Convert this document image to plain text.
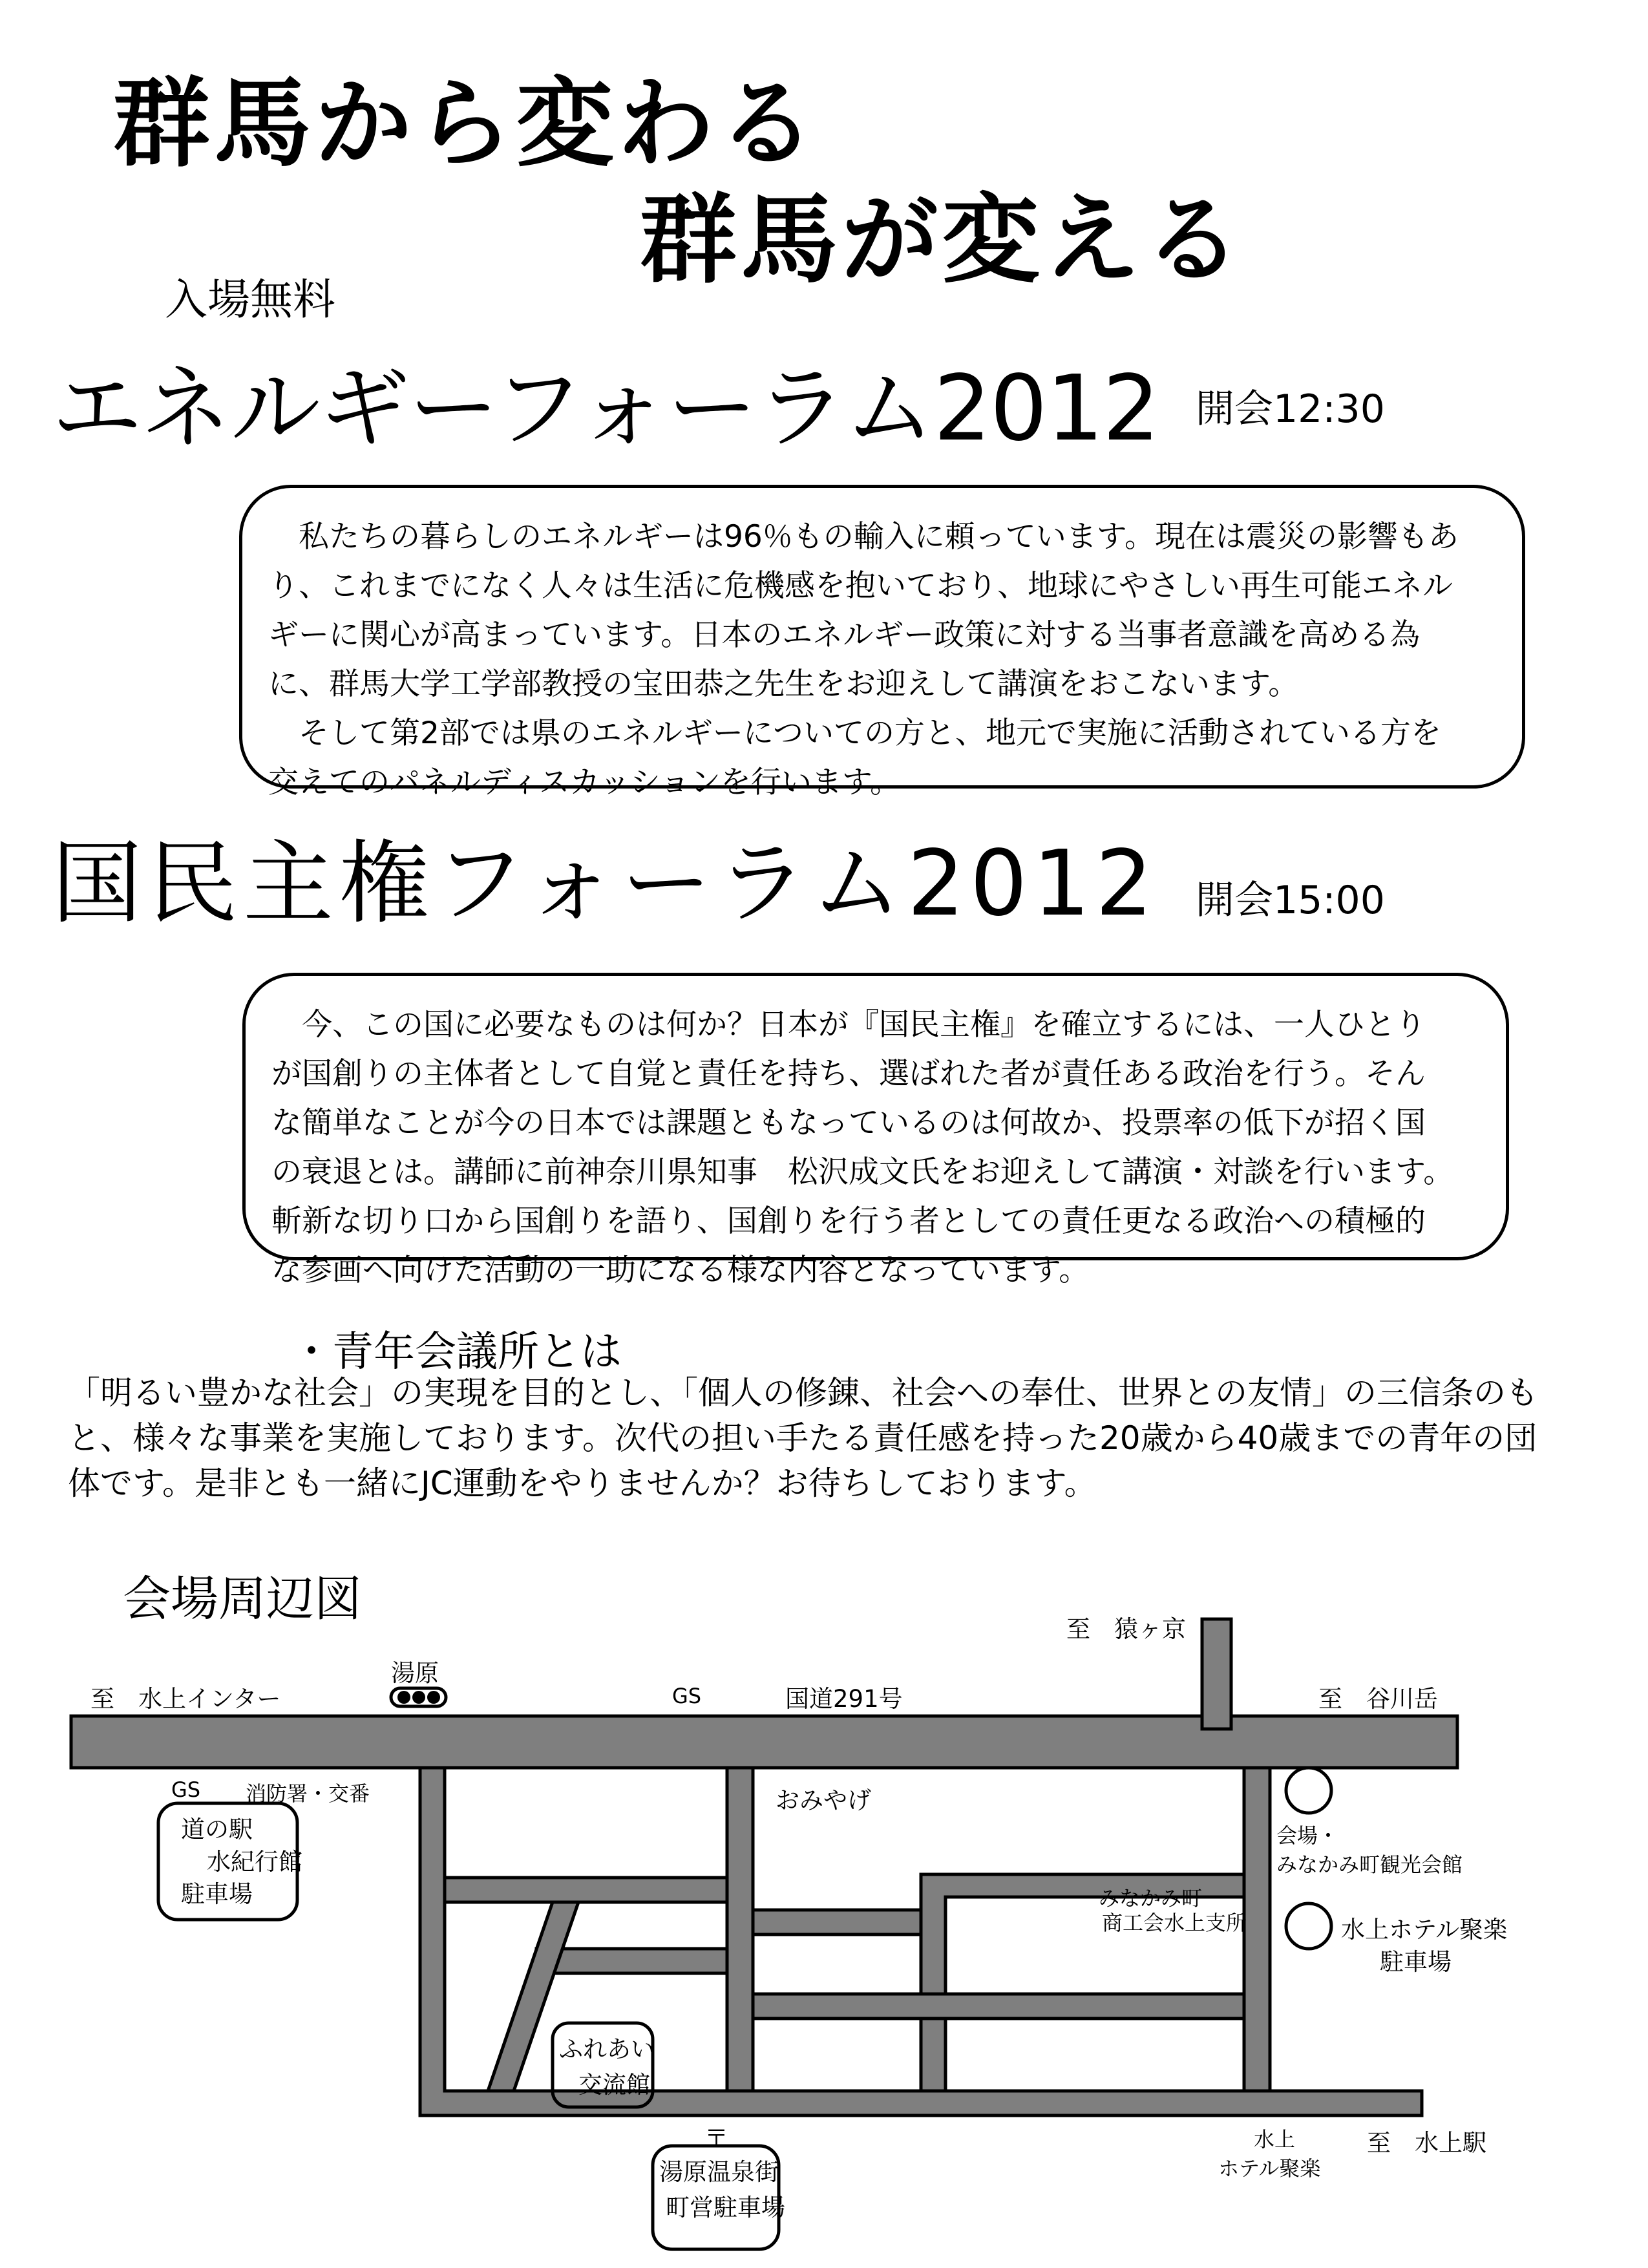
群馬から変わる
群馬が変える
入場無料
エネルギーフォーラム2012 開会12:30

私たちの暮らしのエネルギーは96％もの輸入に頼っています。現在は震災の影響もあり、これまでになく人々は生活に危機感を抱いており、地球にやさしい再生可能エネルギーに関心が高まっています。日本のエネルギー政策に対する当事者意識を高める為に、群馬大学工学部教授の宝田恭之先生をお迎えして講演をおこないます。

そして第2部では県のエネルギーについての方と、地元で実施に活動されている方を交えてのパネルディスカッションを行います。

国民主権フォーラム2012 開会15:00

今、この国に必要なものは何か？日本が『国民主権』を確立するには、一人ひとりが国創りの主体者として自覚と責任を持ち、選ばれた者が責任ある政治を行う。そんな簡単なことが今の日本では課題ともなっているのは何故か、投票率の低下が招く国の衰退とは。講師に前神奈川県知事　松沢成文氏をお迎えして講演・対談を行います。斬新な切り口から国創りを語り、国創りを行う者としての責任更なる政治への積極的な参画へ向けた活動の一助になる様な内容となっています。

・青年会議所とは
「明るい豊かな社会」の実現を目的とし、「個人の修錬、社会への奉仕、世界との友情」の三信条のもと、様々な事業を実施しております。次代の担い手たる責任感を持った20歳から40歳までの青年の団体です。是非とも一緒にJC運動をやりませんか？お待ちしております。
会場周辺図
至　猿ヶ京
至　水上インター
湯原
GS	国道291号	至　谷川岳
GS 消防署・交番
道の駅
水紀行館
駐車場
おみやげ
会場・
みなかみ町観光会館
みなかみ町
商工会水上支所	水上ホテル聚楽
駐車場
ふれあい
交流館
〒
湯原温泉街
町営駐車場
水上
ホテル聚楽
至　水上駅
